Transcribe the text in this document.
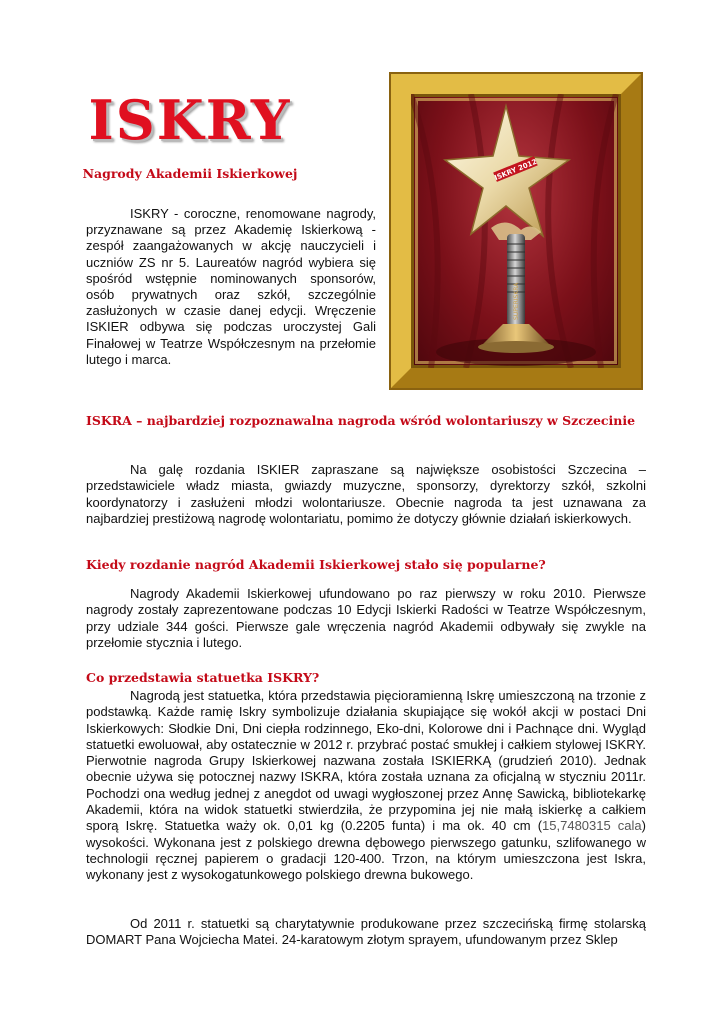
ISKRY

Nagrody Akademii Iskierkowej

ISKRY - coroczne, renomowane nagrody, przyznawane są przez Akademię Iskierkową - zespół zaangażowanych w akcję nauczycieli i uczniów ZS nr 5. Laureatów nagród wybiera się spośród wstępnie nominowanych sponsorów, osób prywatnych oraz szkół, szczególnie zasłużonych w czasie danej edycji. Wręczenie ISKIER odbywa się podczas uroczystej Gali Finałowej w Teatrze Współczesnym na przełomie lutego i marca.

ISKRY 2012
SUPERISKRA
ISKRA – najbardziej rozpoznawalna nagroda wśród wolontariuszy w Szczecinie

Na galę rozdania ISKIER zapraszane są największe osobistości Szczecina – przedstawiciele władz miasta, gwiazdy muzyczne, sponsorzy, dyrektorzy szkół, szkolni koordynatorzy i zasłużeni młodzi wolontariusze. Obecnie nagroda ta jest uznawana za najbardziej prestiżową nagrodę wolontariatu, pomimo że dotyczy głównie działań iskierkowych.

Kiedy rozdanie nagród Akademii Iskierkowej stało się popularne?

Nagrody Akademii Iskierkowej ufundowano po raz pierwszy w roku 2010. Pierwsze nagrody zostały zaprezentowane podczas 10 Edycji Iskierki Radości w Teatrze Współczesnym, przy udziale 344 gości. Pierwsze gale wręczenia nagród Akademii odbywały się zwykle na przełomie stycznia i lutego.

Co przedstawia statuetka ISKRY?

Nagrodą jest statuetka, która przedstawia pięcioramienną Iskrę umieszczoną na trzonie z podstawką. Każde ramię Iskry symbolizuje działania skupiające się wokół akcji w postaci Dni Iskierkowych: Słodkie Dni, Dni ciepła rodzinnego, Eko-dni, Kolorowe dni i Pachnące dni. Wygląd statuetki ewoluował, aby ostatecznie w 2012 r. przybrać postać smukłej i całkiem stylowej ISKRY. Pierwotnie nagroda Grupy Iskierkowej nazwana została ISKIERKĄ (grudzień 2010). Jednak obecnie używa się potocznej nazwy ISKRA, która została uznana za oficjalną w styczniu 2011r. Pochodzi ona według jednej z anegdot od uwagi wygłoszonej przez Annę Sawicką, bibliotekarkę Akademii, która na widok statuetki stwierdziła, że przypomina jej nie małą iskierkę a całkiem sporą Iskrę. Statuetka waży ok. 0,01 kg (0.2205 funta) i ma ok. 40 cm (15,7480315 cala) wysokości. Wykonana jest z polskiego drewna dębowego pierwszego gatunku, szlifowanego w technologii ręcznej papierem o gradacji 120-400. Trzon, na którym umieszczona jest Iskra, wykonany jest z wysokogatunkowego polskiego drewna bukowego.

Od 2011 r. statuetki są charytatywnie produkowane przez szczecińską firmę stolarską DOMART Pana Wojciecha Matei. 24-karatowym złotym sprayem, ufundowanym przez Sklep
